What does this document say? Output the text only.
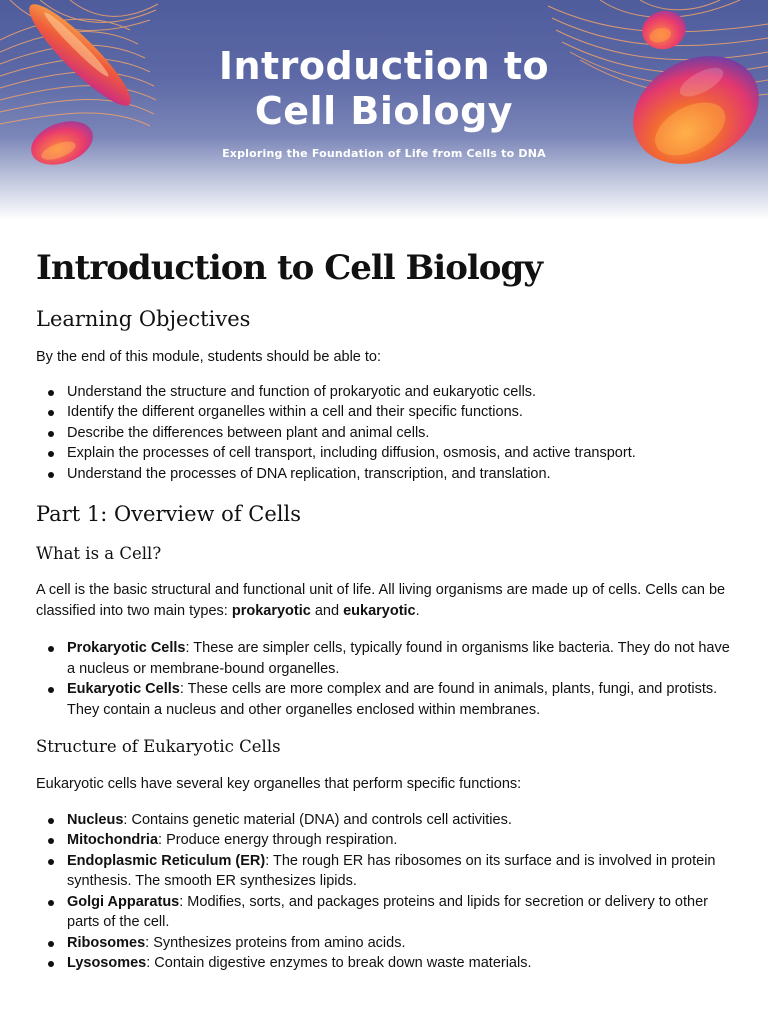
Introduction to
Cell Biology
Exploring the Foundation of Life from Cells to DNA
Introduction to Cell Biology
Learning Objectives

By the end of this module, students should be able to:

Understand the structure and function of prokaryotic and eukaryotic cells.
Identify the different organelles within a cell and their specific functions.
Describe the differences between plant and animal cells.
Explain the processes of cell transport, including diffusion, osmosis, and active transport.
Understand the processes of DNA replication, transcription, and translation.
Part 1: Overview of Cells
What is a Cell?

A cell is the basic structural and functional unit of life. All living organisms are made up of cells. Cells can be classified into two main types: prokaryotic and eukaryotic.

Prokaryotic Cells: These are simpler cells, typically found in organisms like bacteria. They do not have a nucleus or membrane-bound organelles.
Eukaryotic Cells: These cells are more complex and are found in animals, plants, fungi, and protists. They contain a nucleus and other organelles enclosed within membranes.
Structure of Eukaryotic Cells

Eukaryotic cells have several key organelles that perform specific functions:

Nucleus: Contains genetic material (DNA) and controls cell activities.
Mitochondria: Produce energy through respiration.
Endoplasmic Reticulum (ER): The rough ER has ribosomes on its surface and is involved in protein synthesis. The smooth ER synthesizes lipids.
Golgi Apparatus: Modifies, sorts, and packages proteins and lipids for secretion or delivery to other parts of the cell.
Ribosomes: Synthesizes proteins from amino acids.
Lysosomes: Contain digestive enzymes to break down waste materials.
